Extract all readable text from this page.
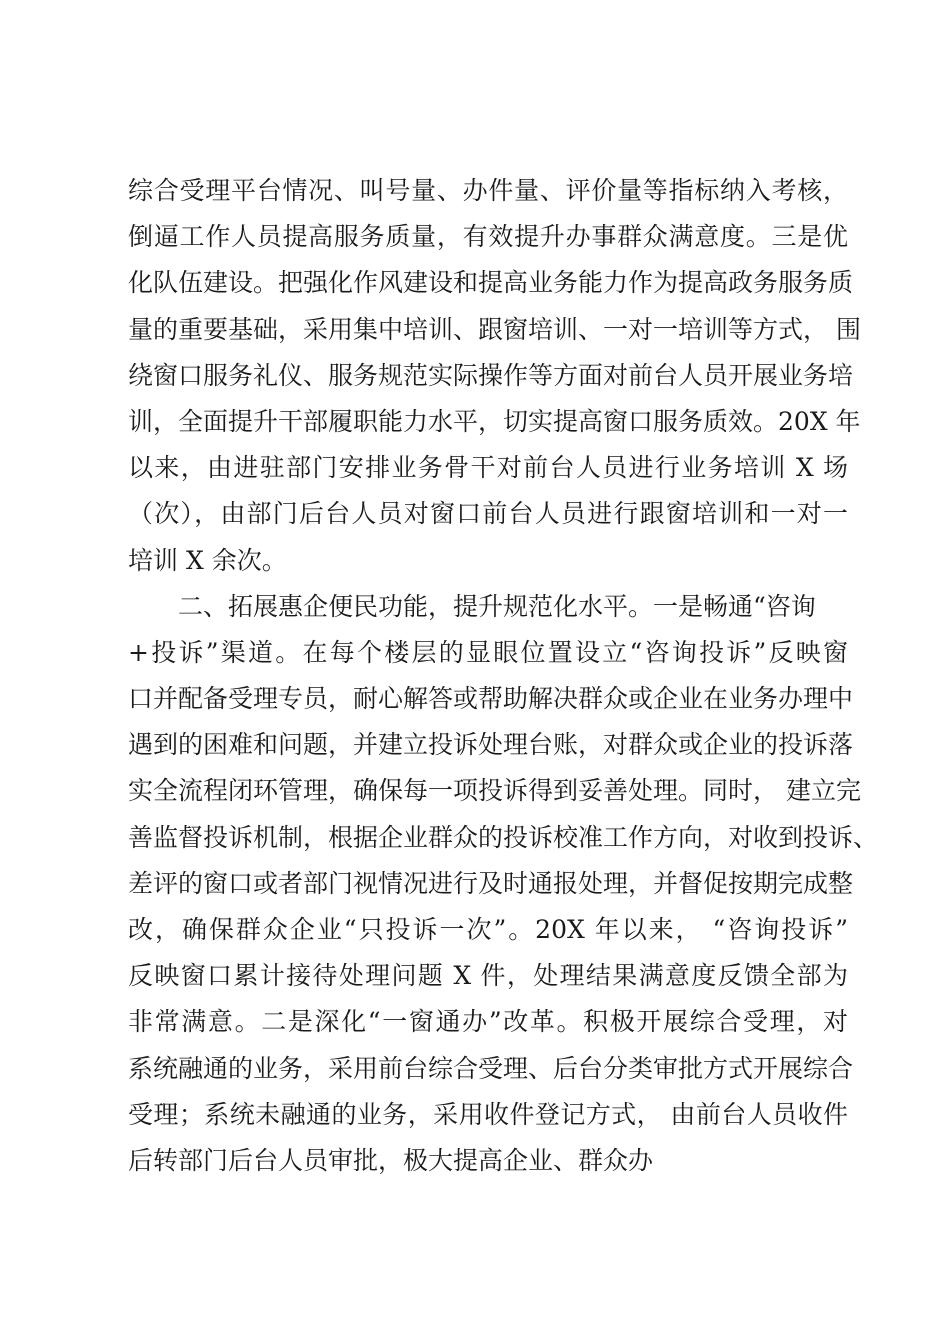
综合受理平台情况、叫号量、办件量、评价量等指标纳入考核，
倒逼工作人员提高服务质量，有效提升办事群众满意度。三是优
化队伍建设。把强化作风建设和提高业务能力作为提高政务服务质
量的重要基础，采用集中培训、跟窗培训、一对一培训等方式， 围
绕窗口服务礼仪、服务规范实际操作等方面对前台人员开展业务培
训，全面提升干部履职能力水平，切实提高窗口服务质效。20X 年
以来，由进驻部门安排业务骨干对前台人员进行业务培训 X 场
（次），由部门后台人员对窗口前台人员进行跟窗培训和一对一
培训 X 余次。
　　二、拓展惠企便民功能，提升规范化水平。一是畅通“咨询
+投诉”渠道。在每个楼层的显眼位置设立“咨询投诉”反映窗
口并配备受理专员，耐心解答或帮助解决群众或企业在业务办理中
遇到的困难和问题，并建立投诉处理台账，对群众或企业的投诉落
实全流程闭环管理，确保每一项投诉得到妥善处理。同时， 建立完
善监督投诉机制，根据企业群众的投诉校准工作方向，对收到投诉、
差评的窗口或者部门视情况进行及时通报处理，并督促按期完成整
改，确保群众企业“只投诉一次”。20X 年以来， “咨询投诉”
反映窗口累计接待处理问题 X 件，处理结果满意度反馈全部为
非常满意。二是深化“一窗通办”改革。积极开展综合受理，对
系统融通的业务，采用前台综合受理、后台分类审批方式开展综合
受理；系统未融通的业务，采用收件登记方式， 由前台人员收件
后转部门后台人员审批，极大提高企业、群众办
